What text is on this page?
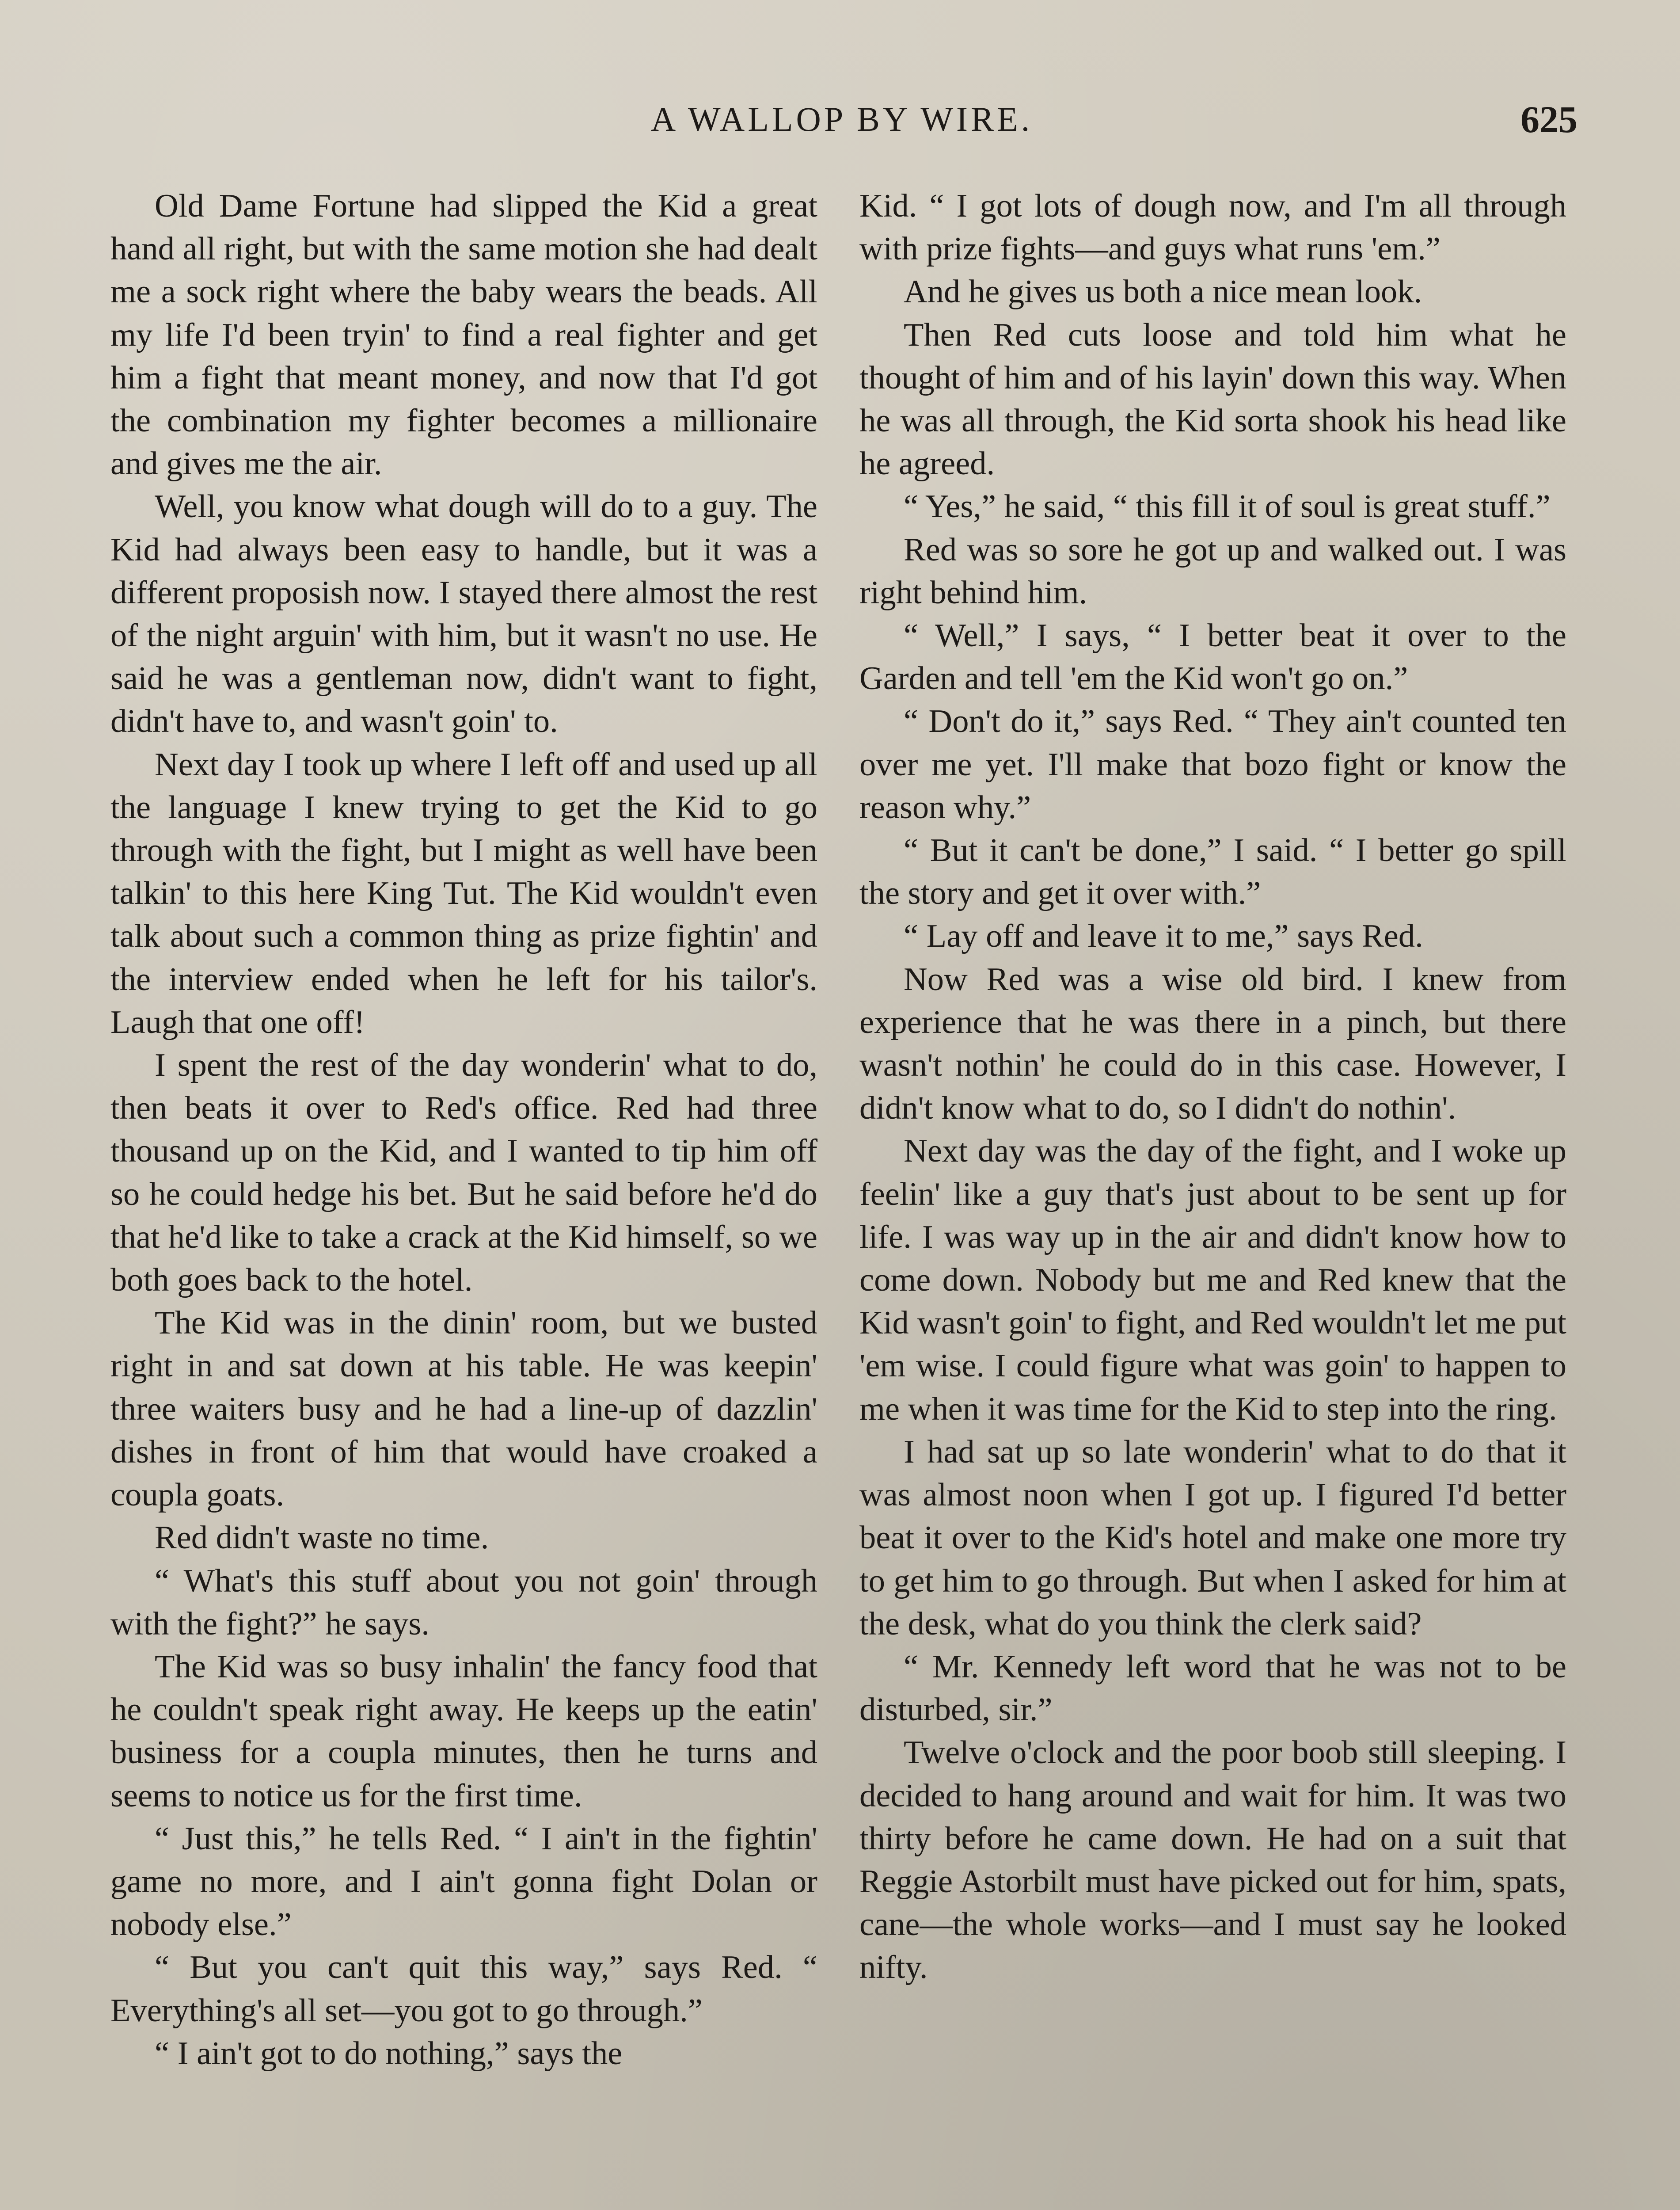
A WALLOP BY WIRE.	625

Old Dame Fortune had slipped the Kid a great hand all right, but with the same motion she had dealt me a sock right where the baby wears the beads. All my life I'd been tryin' to find a real fighter and get him a fight that meant money, and now that I'd got the combination my fighter becomes a millionaire and gives me the air.

Well, you know what dough will do to a guy. The Kid had always been easy to handle, but it was a different proposish now. I stayed there almost the rest of the night arguin' with him, but it wasn't no use. He said he was a gentleman now, didn't want to fight, didn't have to, and wasn't goin' to.

Next day I took up where I left off and used up all the language I knew trying to get the Kid to go through with the fight, but I might as well have been talkin' to this here King Tut. The Kid wouldn't even talk about such a common thing as prize fightin' and the interview ended when he left for his tailor's. Laugh that one off!

I spent the rest of the day wonderin' what to do, then beats it over to Red's office. Red had three thousand up on the Kid, and I wanted to tip him off so he could hedge his bet. But he said before he'd do that he'd like to take a crack at the Kid himself, so we both goes back to the hotel.

The Kid was in the dinin' room, but we busted right in and sat down at his table. He was keepin' three waiters busy and he had a line-up of dazzlin' dishes in front of him that would have croaked a coupla goats.

Red didn't waste no time.

“ What's this stuff about you not goin' through with the fight?” he says.

The Kid was so busy inhalin' the fancy food that he couldn't speak right away. He keeps up the eatin' business for a coupla minutes, then he turns and seems to notice us for the first time.

“ Just this,” he tells Red. “ I ain't in the fightin' game no more, and I ain't gonna fight Dolan or nobody else.”

“ But you can't quit this way,” says Red. “ Everything's all set—you got to go through.”

“ I ain't got to do nothing,” says the

Kid. “ I got lots of dough now, and I'm all through with prize fights—and guys what runs 'em.”

And he gives us both a nice mean look.

Then Red cuts loose and told him what he thought of him and of his layin' down this way. When he was all through, the Kid sorta shook his head like he agreed.

“ Yes,” he said, “ this fill it of soul is great stuff.”

Red was so sore he got up and walked out. I was right behind him.

“ Well,” I says, “ I better beat it over to the Garden and tell 'em the Kid won't go on.”

“ Don't do it,” says Red. “ They ain't counted ten over me yet. I'll make that bozo fight or know the reason why.”

“ But it can't be done,” I said. “ I better go spill the story and get it over with.”

“ Lay off and leave it to me,” says Red.

Now Red was a wise old bird. I knew from experience that he was there in a pinch, but there wasn't nothin' he could do in this case. However, I didn't know what to do, so I didn't do nothin'.

Next day was the day of the fight, and I woke up feelin' like a guy that's just about to be sent up for life. I was way up in the air and didn't know how to come down. Nobody but me and Red knew that the Kid wasn't goin' to fight, and Red wouldn't let me put 'em wise. I could figure what was goin' to happen to me when it was time for the Kid to step into the ring.

I had sat up so late wonderin' what to do that it was almost noon when I got up. I figured I'd better beat it over to the Kid's hotel and make one more try to get him to go through. But when I asked for him at the desk, what do you think the clerk said?

“ Mr. Kennedy left word that he was not to be disturbed, sir.”

Twelve o'clock and the poor boob still sleeping. I decided to hang around and wait for him. It was two thirty before he came down. He had on a suit that Reggie Astorbilt must have picked out for him, spats, cane—the whole works—and I must say he looked nifty.
